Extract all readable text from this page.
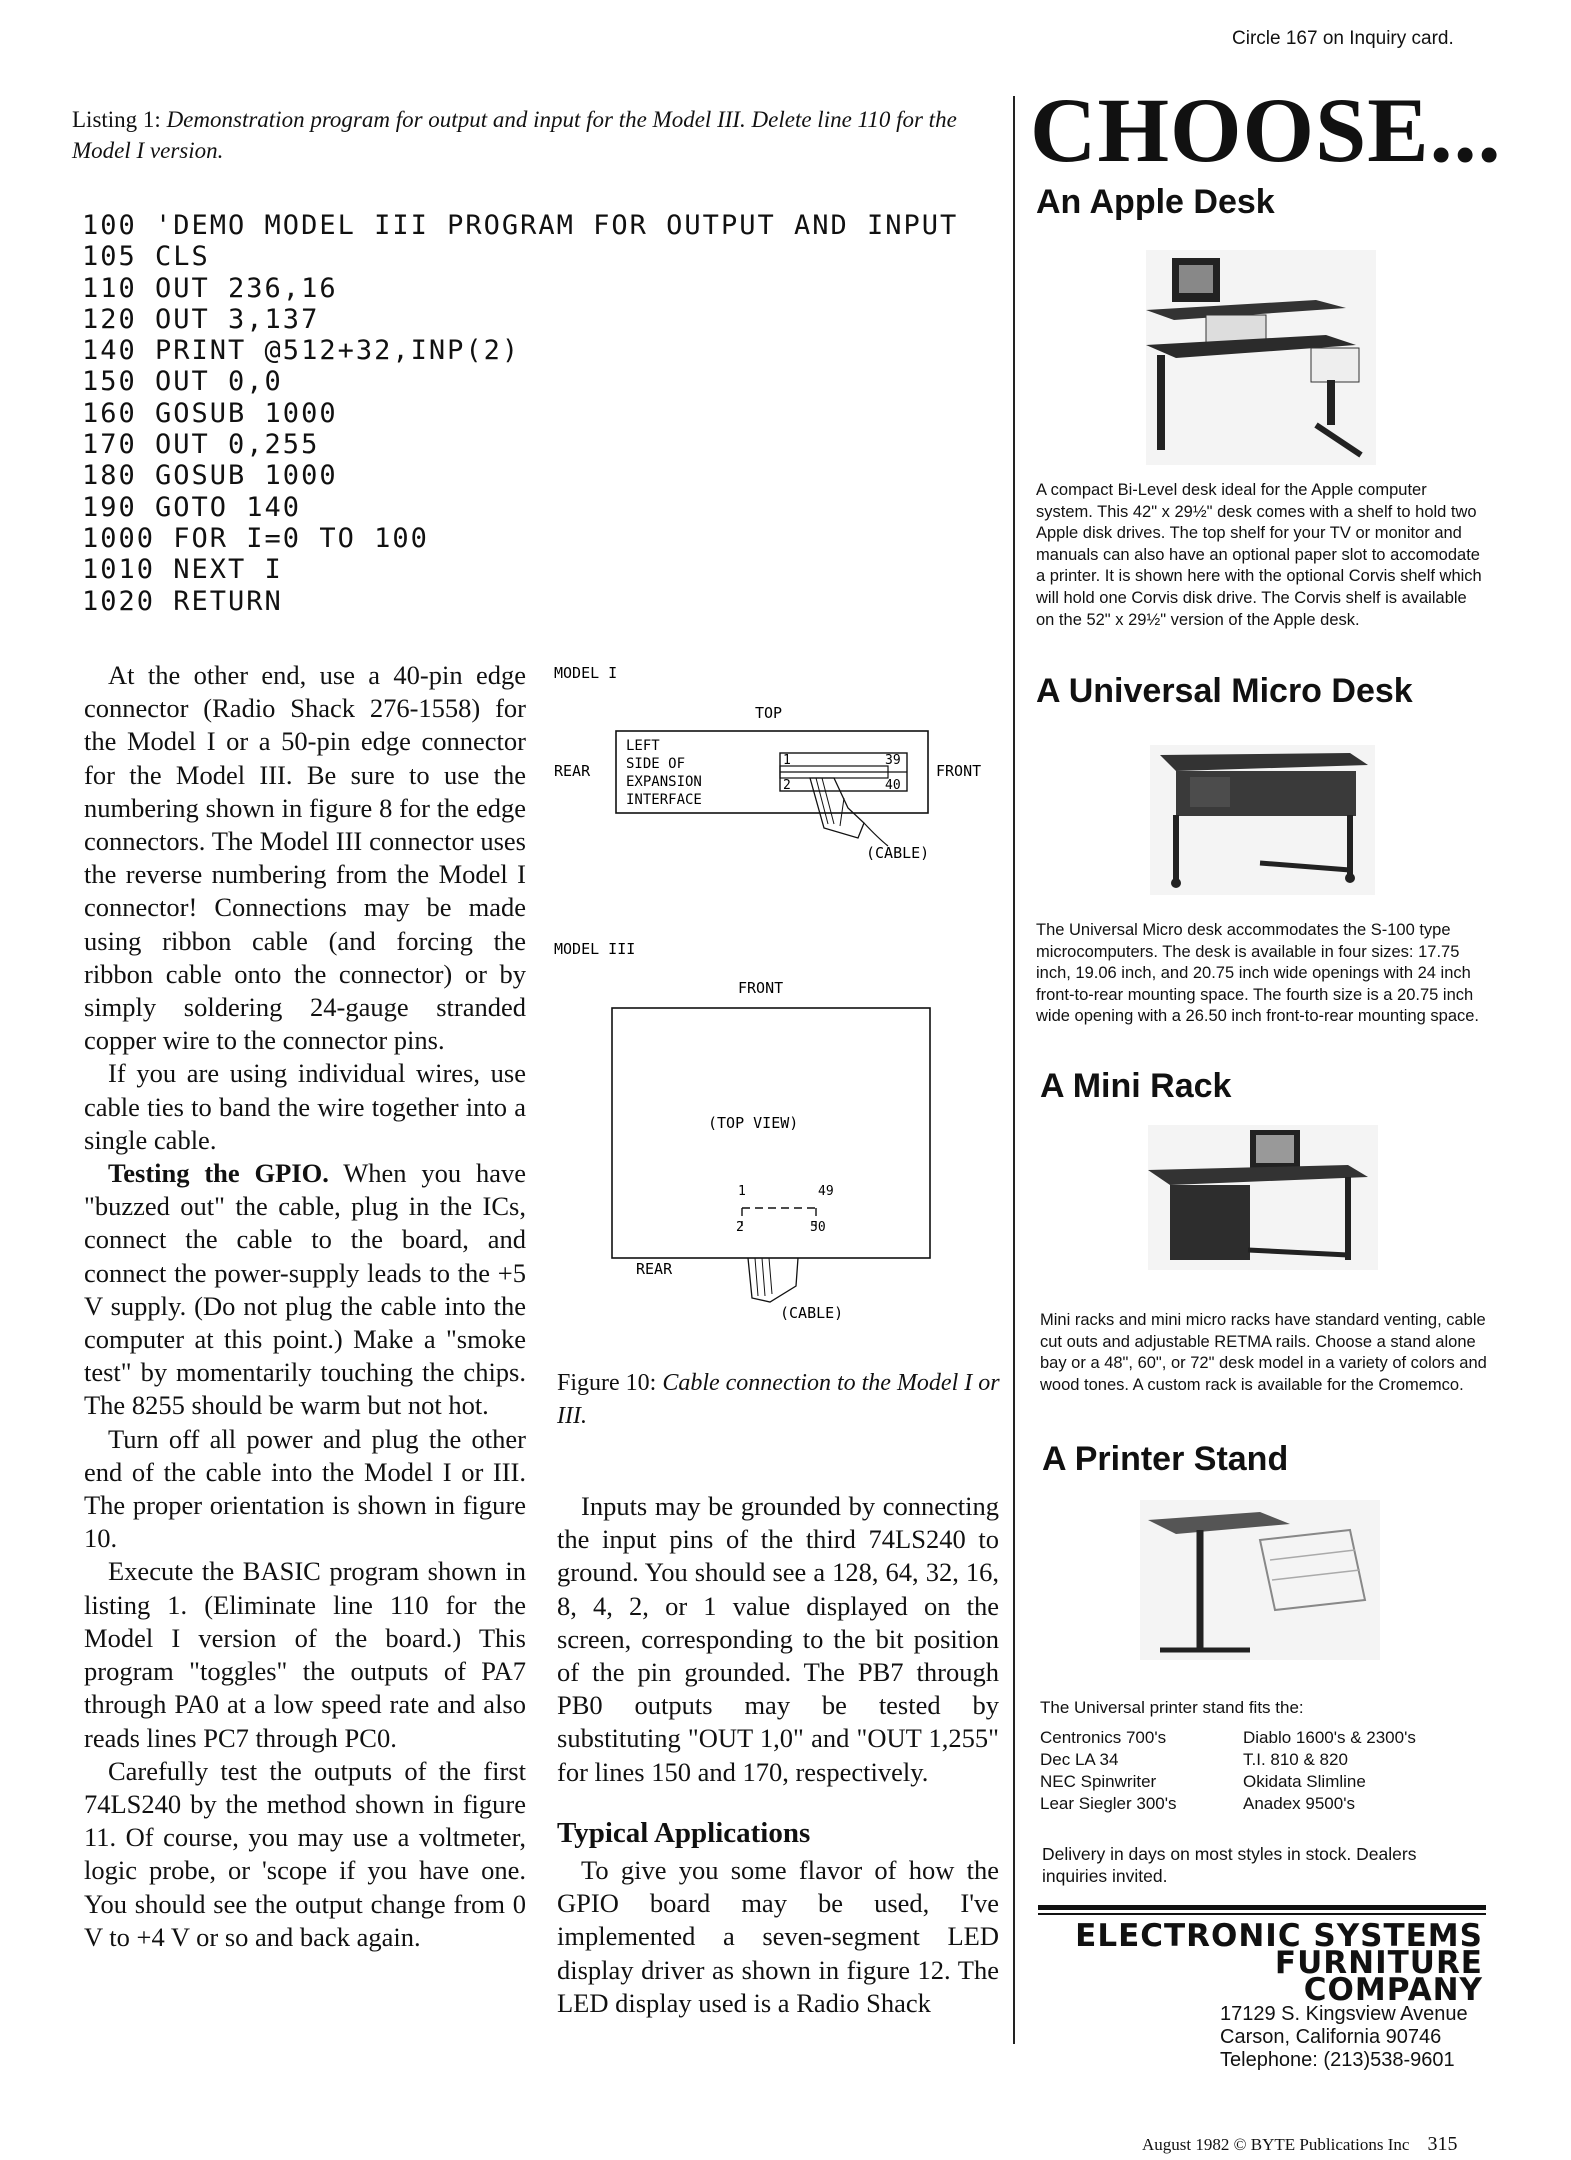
Circle 167 on Inquiry card.
Listing 1: Demonstration program for output and input for the Model III. Delete line 110 for the Model I version.
100 'DEMO MODEL III PROGRAM FOR OUTPUT AND INPUT
105 CLS
110 OUT 236,16
120 OUT 3,137
140 PRINT @512+32,INP(2)
150 OUT 0,0
160 GOSUB 1000
170 OUT 0,255
180 GOSUB 1000
190 GOTO 140
1000 FOR I=0 TO 100
1010 NEXT I
1020 RETURN

At the other end, use a 40-pin edge connector (Radio Shack 276-1558) for the Model I or a 50-pin edge connector for the Model III. Be sure to use the numbering shown in figure 8 for the edge connectors. The Model III connector uses the reverse numbering from the Model I connector! Connections may be made using ribbon cable (and forcing the ribbon cable onto the connector) or by simply soldering 24-gauge stranded copper wire to the connector pins.

If you are using individual wires, use cable ties to band the wire together into a single cable.

Testing the GPIO. When you have "buzzed out" the cable, plug in the ICs, connect the cable to the board, and connect the power-supply leads to the +5 V supply. (Do not plug the cable into the computer at this point.) Make a "smoke test" by momentarily touching the chips. The 8255 should be warm but not hot.

Turn off all power and plug the other end of the cable into the Model I or III. The proper orientation is shown in figure 10.

Execute the BASIC program shown in listing 1. (Eliminate line 110 for the Model I version of the board.) This program "toggles" the outputs of PA7 through PA0 at a low speed rate and also reads lines PC7 through PC0.

Carefully test the outputs of the first 74LS240 by the method shown in figure 11. Of course, you may use a voltmeter, logic probe, or 'scope if you have one. You should see the output change from 0 V to +4 V or so and back again.

MODEL I
TOP
REAR	FRONT
LEFT
SIDE OF
EXPANSION
INTERFACE
1	39
2	40
(CABLE)
MODEL III
FRONT
(TOP VIEW)
1	49
2	50
REAR
(CABLE)
Figure 10: Cable connection to the Model I or III.

Inputs may be grounded by connecting the input pins of the third 74LS240 to ground. You should see a 128, 64, 32, 16, 8, 4, 2, or 1 value displayed on the screen, corresponding to the bit position of the pin grounded. The PB7 through PB0 outputs may be tested by substituting "OUT 1,0" and "OUT 1,255" for lines 150 and 170, respectively.

Typical Applications

To give you some flavor of how the GPIO board may be used, I've implemented a seven-segment LED display driver as shown in figure 12. The LED display used is a Radio Shack

CHOOSE...
An Apple Desk
A compact Bi-Level desk ideal for the Apple computer system. This 42" x 29½" desk comes with a shelf to hold two Apple disk drives. The top shelf for your TV or monitor and manuals can also have an optional paper slot to accomodate a printer. It is shown here with the optional Corvis shelf which will hold one Corvis disk drive. The Corvis shelf is available on the 52" x 29½" version of the Apple desk.
A Universal Micro Desk
The Universal Micro desk accommodates the S-100 type microcomputers. The desk is available in four sizes: 17.75 inch, 19.06 inch, and 20.75 inch wide openings with 24 inch front-to-rear mounting space. The fourth size is a 20.75 inch wide opening with a 26.50 inch front-to-rear mounting space.
A Mini Rack
Mini racks and mini micro racks have standard venting, cable cut outs and adjustable RETMA rails. Choose a stand alone bay or a 48", 60", or 72" desk model in a variety of colors and wood tones. A custom rack is available for the Cromemco.
A Printer Stand
The Universal printer stand fits the:
Centronics 700's	Diablo 1600's & 2300's
Dec LA 34	T.I. 810 & 820
NEC Spinwriter	Okidata Slimline
Lear Siegler 300's	Anadex 9500's
Delivery in days on most styles in stock. Dealers inquiries invited.
ELECTRONIC SYSTEMS
FURNITURE
COMPANY
17129 S. Kingsview Avenue
Carson, California 90746
Telephone: (213)538-9601
August 1982 © BYTE Publications Inc 315
